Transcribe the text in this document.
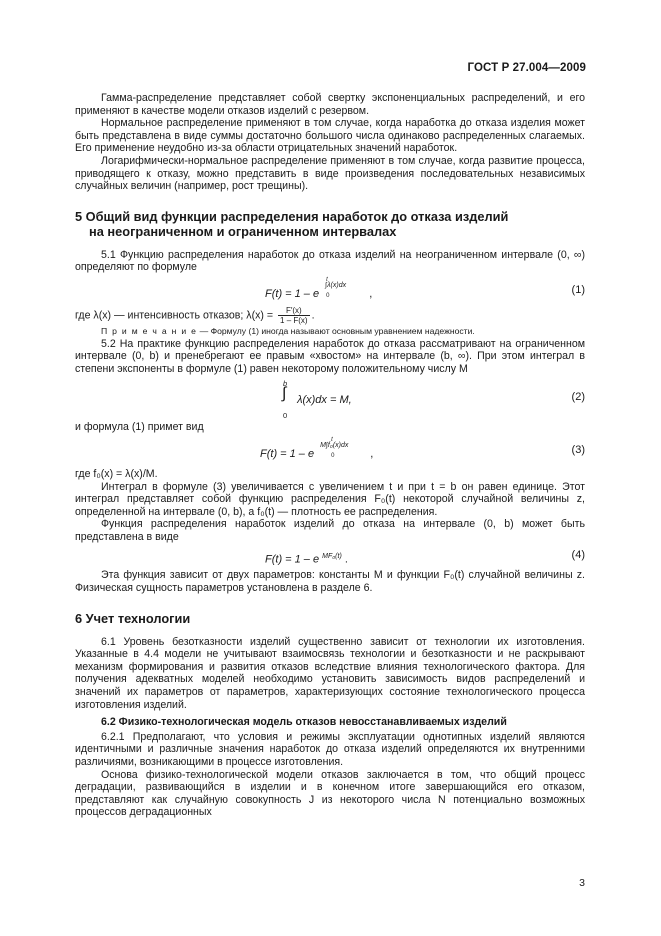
ГОСТ Р 27.004—2009

Гамма-распределение представляет собой свертку экспоненциальных распределений, и его применяют в качестве модели отказов изделий с резервом.

Нормальное распределение применяют в том случае, когда наработка до отказа изделия может быть представлена в виде суммы достаточно большого числа одинаково распределенных слагаемых. Его применение неудобно из-за области отрицательных значений наработок.

Логарифмически-нормальное распределение применяют в том случае, когда развитие процесса, приводящего к отказу, можно представить в виде произведения последовательных независимых случайных величин (например, рост трещины).

5 Общий вид функции распределения наработок до отказа изделий
на неограниченном и ограниченном интервалах

5.1 Функцию распределения наработок до отказа изделий на неограниченном интервале (0, ∞) определяют по формуле

F(t) = 1 – e
t
∫λ(x)dx
0	,	(1)

где λ(x) — интенсивность отказов; $\lambda(x) = \frac{F'(x)}{1 - F(x)}$ .

П р и м е ч а н и е — Формулу (1) иногда называют основным уравнением надежности.

5.2 На практике функцию распределения наработок до отказа рассматривают на ограниченном интервале (0, b) и пренебрегают ее правым «хвостом» на интервале (b, ∞). При этом интеграл в степени экспоненты в формуле (1) равен некоторому положительному числу M

b
∫
0
λ(x)dx = M,	(2)

и формула (1) примет вид

F(t) = 1 – e
t
M∫f₀(x)dx
0	,	(3)

где f₀(x) = λ(x)/M.

Интеграл в формуле (3) увеличивается с увеличением t и при t = b он равен единице. Этот интеграл представляет собой функцию распределения F₀(t) некоторой случайной величины z, определенной на интервале (0, b), а f₀(t) — плотность ее распределения.

Функция распределения наработок изделий до отказа на интервале (0, b) может быть представлена в виде

F(t) = 1 – e $^{MF_0(t)}$ .	(4)

Эта функция зависит от двух параметров: константы M и функции F₀(t) случайной величины z. Физическая сущность параметров установлена в разделе 6.

6 Учет технологии

6.1 Уровень безотказности изделий существенно зависит от технологии их изготовления. Указанные в 4.4 модели не учитывают взаимосвязь технологии и безотказности и не раскрывают механизм формирования и развития отказов вследствие влияния технологического фактора. Для получения адекватных моделей необходимо установить зависимость видов распределений и значений их параметров от параметров, характеризующих состояние технологического процесса изготовления изделий.

6.2 Физико-технологическая модель отказов невосстанавливаемых изделий

6.2.1 Предполагают, что условия и режимы эксплуатации однотипных изделий являются идентичными и различные значения наработок до отказа изделий определяются их внутренними различиями, возникающими в процессе изготовления.

Основа физико-технологической модели отказов заключается в том, что общий процесс деградации, развивающийся в изделии и в конечном итоге завершающийся его отказом, представляют как случайную совокупность J из некоторого числа N потенциально возможных процессов деградационных

3
